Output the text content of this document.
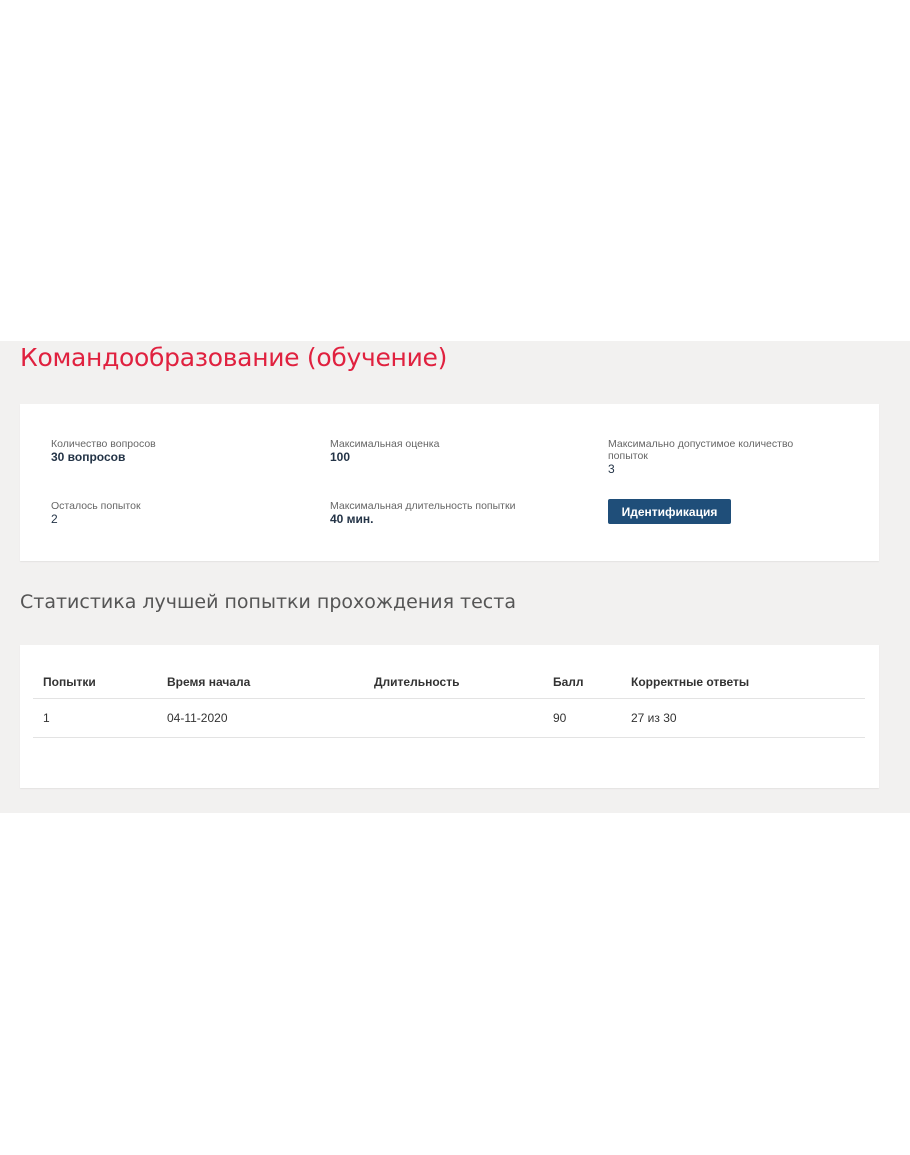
Командообразование (обучение)
Количество вопросов
30 вопросов
Максимальная оценка
100
Максимально допустимое количество попыток
3
Осталось попыток
2
Максимальная длительность попытки
40 мин.
Идентификация
Статистика лучшей попытки прохождения теста
Попытки	Время начала	Длительность	Балл	Корректные ответы
1	04-11-2020		90	27 из 30
